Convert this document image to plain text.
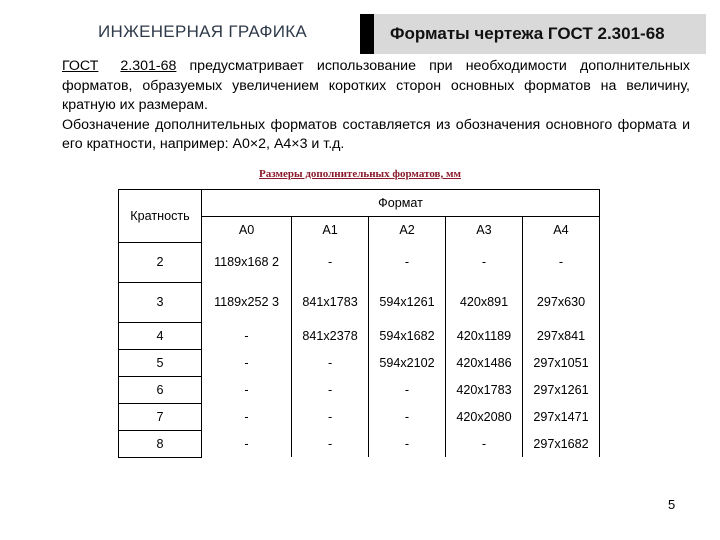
ИНЖЕНЕРНАЯ ГРАФИКА	Форматы чертежа ГОСТ 2.301-68
ГОСТ 2.301-68 предусматривает использование при необходимости дополнительных форматов, образуемых увеличением коротких сторон основных форматов на величину, кратную их размерам.
Обозначение дополнительных форматов составляется из обозначения основного формата и его кратности, например: А0×2, А4×3 и т.д.
Размеры дополнительных форматов, мм
Кратность	Формат				
	А0	А1	А2	А3	А4
2	1189x168 2	-	-	-	-
3	1189x252 3	841x1783	594x1261	420x891	297x630
4	-	841x2378	594x1682	420x1189	297x841
5	-	-	594x2102	420x1486	297x1051
6	-	-	-	420x1783	297x1261
7	-	-	-	420x2080	297x1471
8	-	-	-	-	297x1682
5
